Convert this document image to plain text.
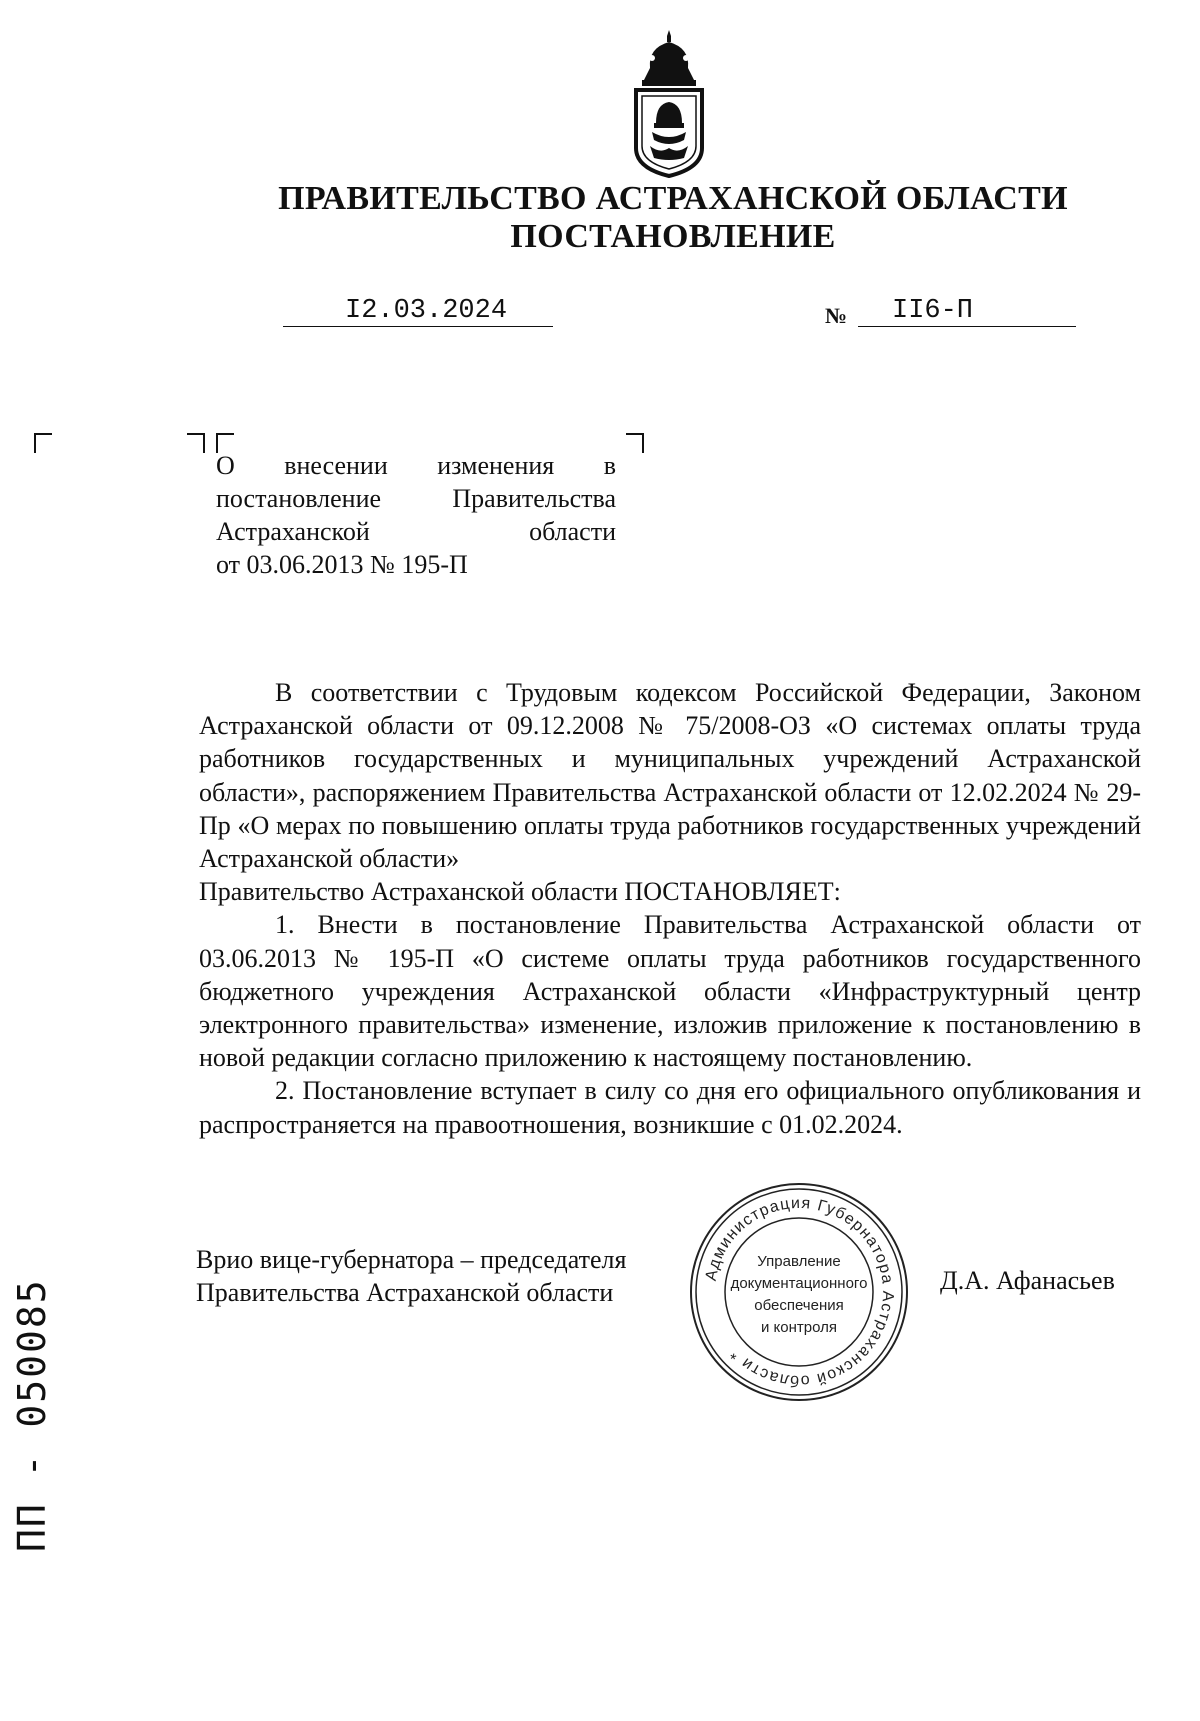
ПРАВИТЕЛЬСТВО АСТРАХАНСКОЙ ОБЛАСТИ
ПОСТАНОВЛЕНИЕ
I2.03.2024	№ II6-П
О внесении изменения в
постановление Правительства
Астраханской области
от 03.06.2013 № 195-П

В соответствии с Трудовым кодексом Российской Федерации, Законом Астраханской области от 09.12.2008 № 75/2008-ОЗ «О системах оплаты труда работников государственных и муниципальных учреждений Астраханской области», распоряжением Правительства Астраханской области от 12.02.2024 № 29-Пр «О мерах по повышению оплаты труда работников государственных учреждений Астраханской области»

Правительство Астраханской области ПОСТАНОВЛЯЕТ:

1. Внести в постановление Правительства Астраханской области от 03.06.2013 № 195-П «О системе оплаты труда работников государственного бюджетного учреждения Астраханской области «Инфраструктурный центр электронного правительства» изменение, изложив приложение к постановлению в новой редакции согласно приложению к настоящему постановлению.

2. Постановление вступает в силу со дня его официального опубликования и распространяется на правоотношения, возникшие с 01.02.2024.

Врио вице-губернатора – председателя
Правительства Астраханской области	Д.А. Афанасьев
Администрация Губернатора Астраханской области *
Управление
документационного
обеспечения
и контроля
ПП - 050085
